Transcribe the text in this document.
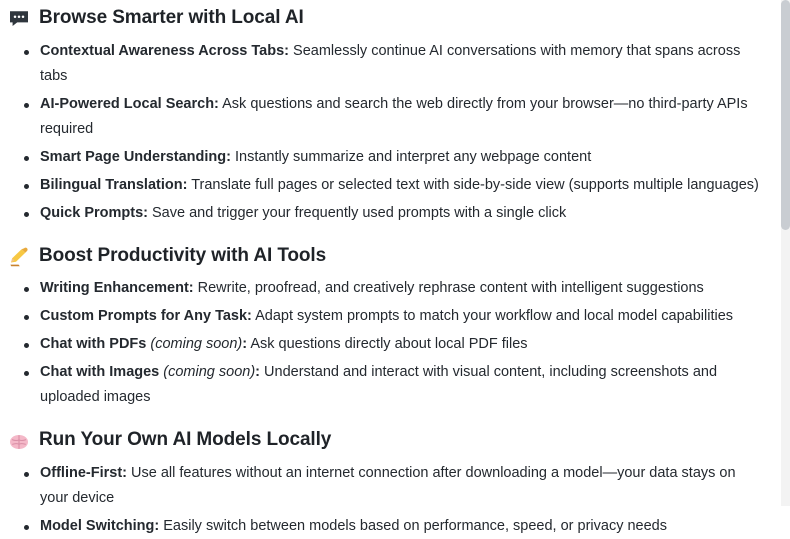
Browse Smarter with Local AI
Contextual Awareness Across Tabs: Seamlessly continue AI conversations with memory that spans across tabs
AI-Powered Local Search: Ask questions and search the web directly from your browser—no third-party APIs required
Smart Page Understanding: Instantly summarize and interpret any webpage content
Bilingual Translation: Translate full pages or selected text with side-by-side view (supports multiple languages)
Quick Prompts: Save and trigger your frequently used prompts with a single click
Boost Productivity with AI Tools
Writing Enhancement: Rewrite, proofread, and creatively rephrase content with intelligent suggestions
Custom Prompts for Any Task: Adapt system prompts to match your workflow and local model capabilities
Chat with PDFs (coming soon): Ask questions directly about local PDF files
Chat with Images (coming soon): Understand and interact with visual content, including screenshots and uploaded images
Run Your Own AI Models Locally
Offline-First: Use all features without an internet connection after downloading a model—your data stays on your device
Model Switching: Easily switch between models based on performance, speed, or privacy needs
